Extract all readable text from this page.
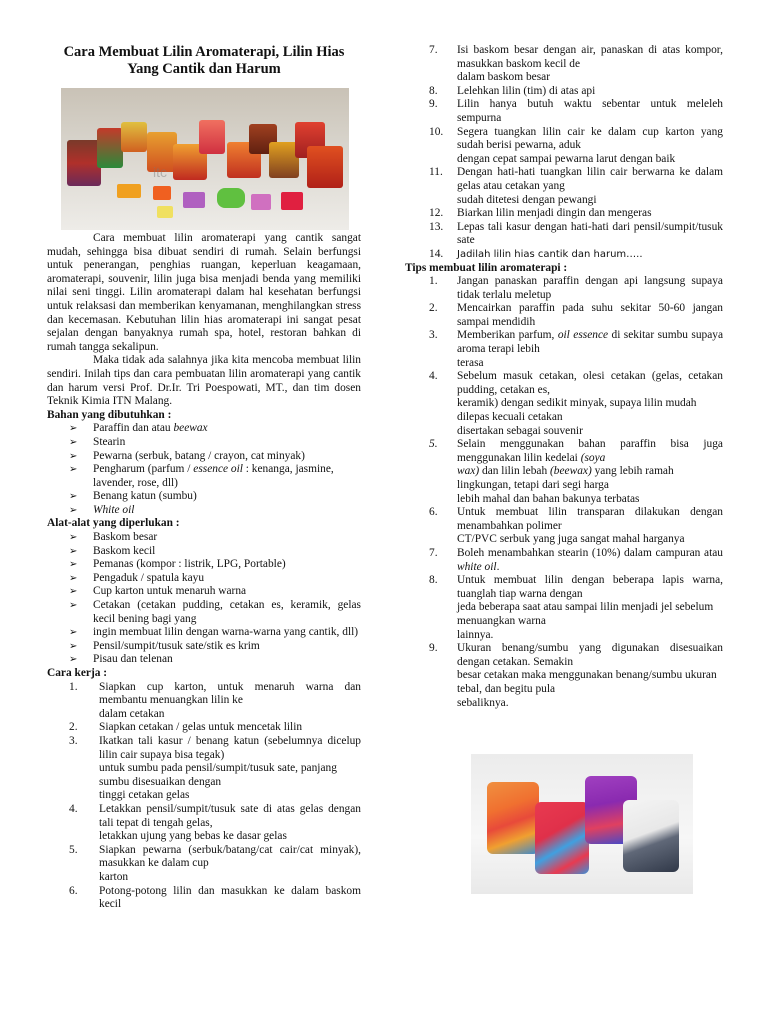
Cara Membuat Lilin Aromaterapi, Lilin Hias Yang Cantik dan Harum
itc

Cara membuat lilin aromaterapi yang cantik sangat mudah, sehingga bisa dibuat sendiri di rumah. Selain berfungsi untuk penerangan, penghias ruangan, keperluan keagamaan, aromaterapi, souvenir, lilin juga bisa menjadi benda yang memiliki nilai seni tinggi. Lilin aromaterapi dalam hal kesehatan berfungsi untuk relaksasi dan memberikan kenyamanan, menghilangkan stress dan kecemasan. Kebutuhan lilin hias aromaterapi ini sangat pesat sejalan dengan banyaknya rumah spa, hotel, restoran bahkan di rumah tangga sekalipun.

Maka tidak ada salahnya jika kita mencoba membuat lilin sendiri. Inilah tips dan cara pembuatan lilin aromaterapi yang cantik dan harum versi Prof. Dr.Ir. Tri Poespowati, MT., dan tim dosen Teknik Kimia ITN Malang.

Bahan yang dibutuhkan :
➢ Paraffin dan atau beewax
➢ Stearin
➢ Pewarna (serbuk, batang / crayon, cat minyak)
➢ Pengharum (parfum / essence oil : kenanga, jasmine, lavender, rose, dll)
➢ Benang katun (sumbu)
➢ White oil
Alat-alat yang diperlukan :
➢ Baskom besar
➢ Baskom kecil
➢ Pemanas (kompor : listrik, LPG, Portable)
➢ Pengaduk / spatula kayu
➢ Cup karton untuk menaruh warna
➢ Cetakan (cetakan pudding, cetakan es, keramik, gelas kecil bening bagi yang
➢ ingin membuat lilin dengan warna-warna yang cantik, dll)
➢ Pensil/sumpit/tusuk sate/stik es krim
➢ Pisau dan telenan
Cara kerja :
1. Siapkan cup karton, untuk menaruh warna dan membantu menuangkan lilin ke
dalam cetakan
2. Siapkan cetakan / gelas untuk mencetak lilin
3. Ikatkan tali kasur / benang katun (sebelumnya dicelup lilin cair supaya bisa tegak)
untuk sumbu pada pensil/sumpit/tusuk sate, panjang sumbu disesuaikan dengan
tinggi cetakan gelas
4. Letakkan pensil/sumpit/tusuk sate di atas gelas dengan tali tepat di tengah gelas,
letakkan ujung yang bebas ke dasar gelas
5. Siapkan pewarna (serbuk/batang/cat cair/cat minyak), masukkan ke dalam cup
karton
6. Potong-potong lilin dan masukkan ke dalam baskom kecil
7. Isi baskom besar dengan air, panaskan di atas kompor, masukkan baskom kecil de
dalam baskom besar
8. Lelehkan lilin (tim) di atas api
9. Lilin hanya butuh waktu sebentar untuk meleleh sempurna
10. Segera tuangkan lilin cair ke dalam cup karton yang sudah berisi pewarna, aduk
dengan cepat sampai pewarna larut dengan baik
11. Dengan hati-hati tuangkan lilin cair berwarna ke dalam gelas atau cetakan yang
sudah ditetesi dengan pewangi
12. Biarkan lilin menjadi dingin dan mengeras
13. Lepas tali kasur dengan hati-hati dari pensil/sumpit/tusuk sate
14. Jadilah lilin hias cantik dan harum…..
Tips membuat lilin aromaterapi :
1. Jangan panaskan paraffin dengan api langsung supaya tidak terlalu meletup
2. Mencairkan paraffin pada suhu sekitar 50-60 jangan sampai mendidih
3. Memberikan parfum, oil essence di sekitar sumbu supaya aroma terapi lebih
terasa
4. Sebelum masuk cetakan, olesi cetakan (gelas, cetakan pudding, cetakan es,
keramik) dengan sedikit minyak, supaya lilin mudah dilepas kecuali cetakan
disertakan sebagai souvenir
5. Selain menggunakan bahan paraffin bisa juga menggunakan lilin kedelai (soya
wax) dan lilin lebah (beewax) yang lebih ramah lingkungan, tetapi dari segi harga
lebih mahal dan bahan bakunya terbatas
6. Untuk membuat lilin transparan dilakukan dengan menambahkan polimer
CT/PVC serbuk yang juga sangat mahal harganya
7. Boleh menambahkan stearin (10%) dalam campuran atau white oil.
8. Untuk membuat lilin dengan beberapa lapis warna, tuanglah tiap warna dengan
jeda beberapa saat atau sampai lilin menjadi jel sebelum menuangkan warna
lainnya.
9. Ukuran benang/sumbu yang digunakan disesuaikan dengan cetakan. Semakin
besar cetakan maka menggunakan benang/sumbu ukuran tebal, dan begitu pula
sebaliknya.
